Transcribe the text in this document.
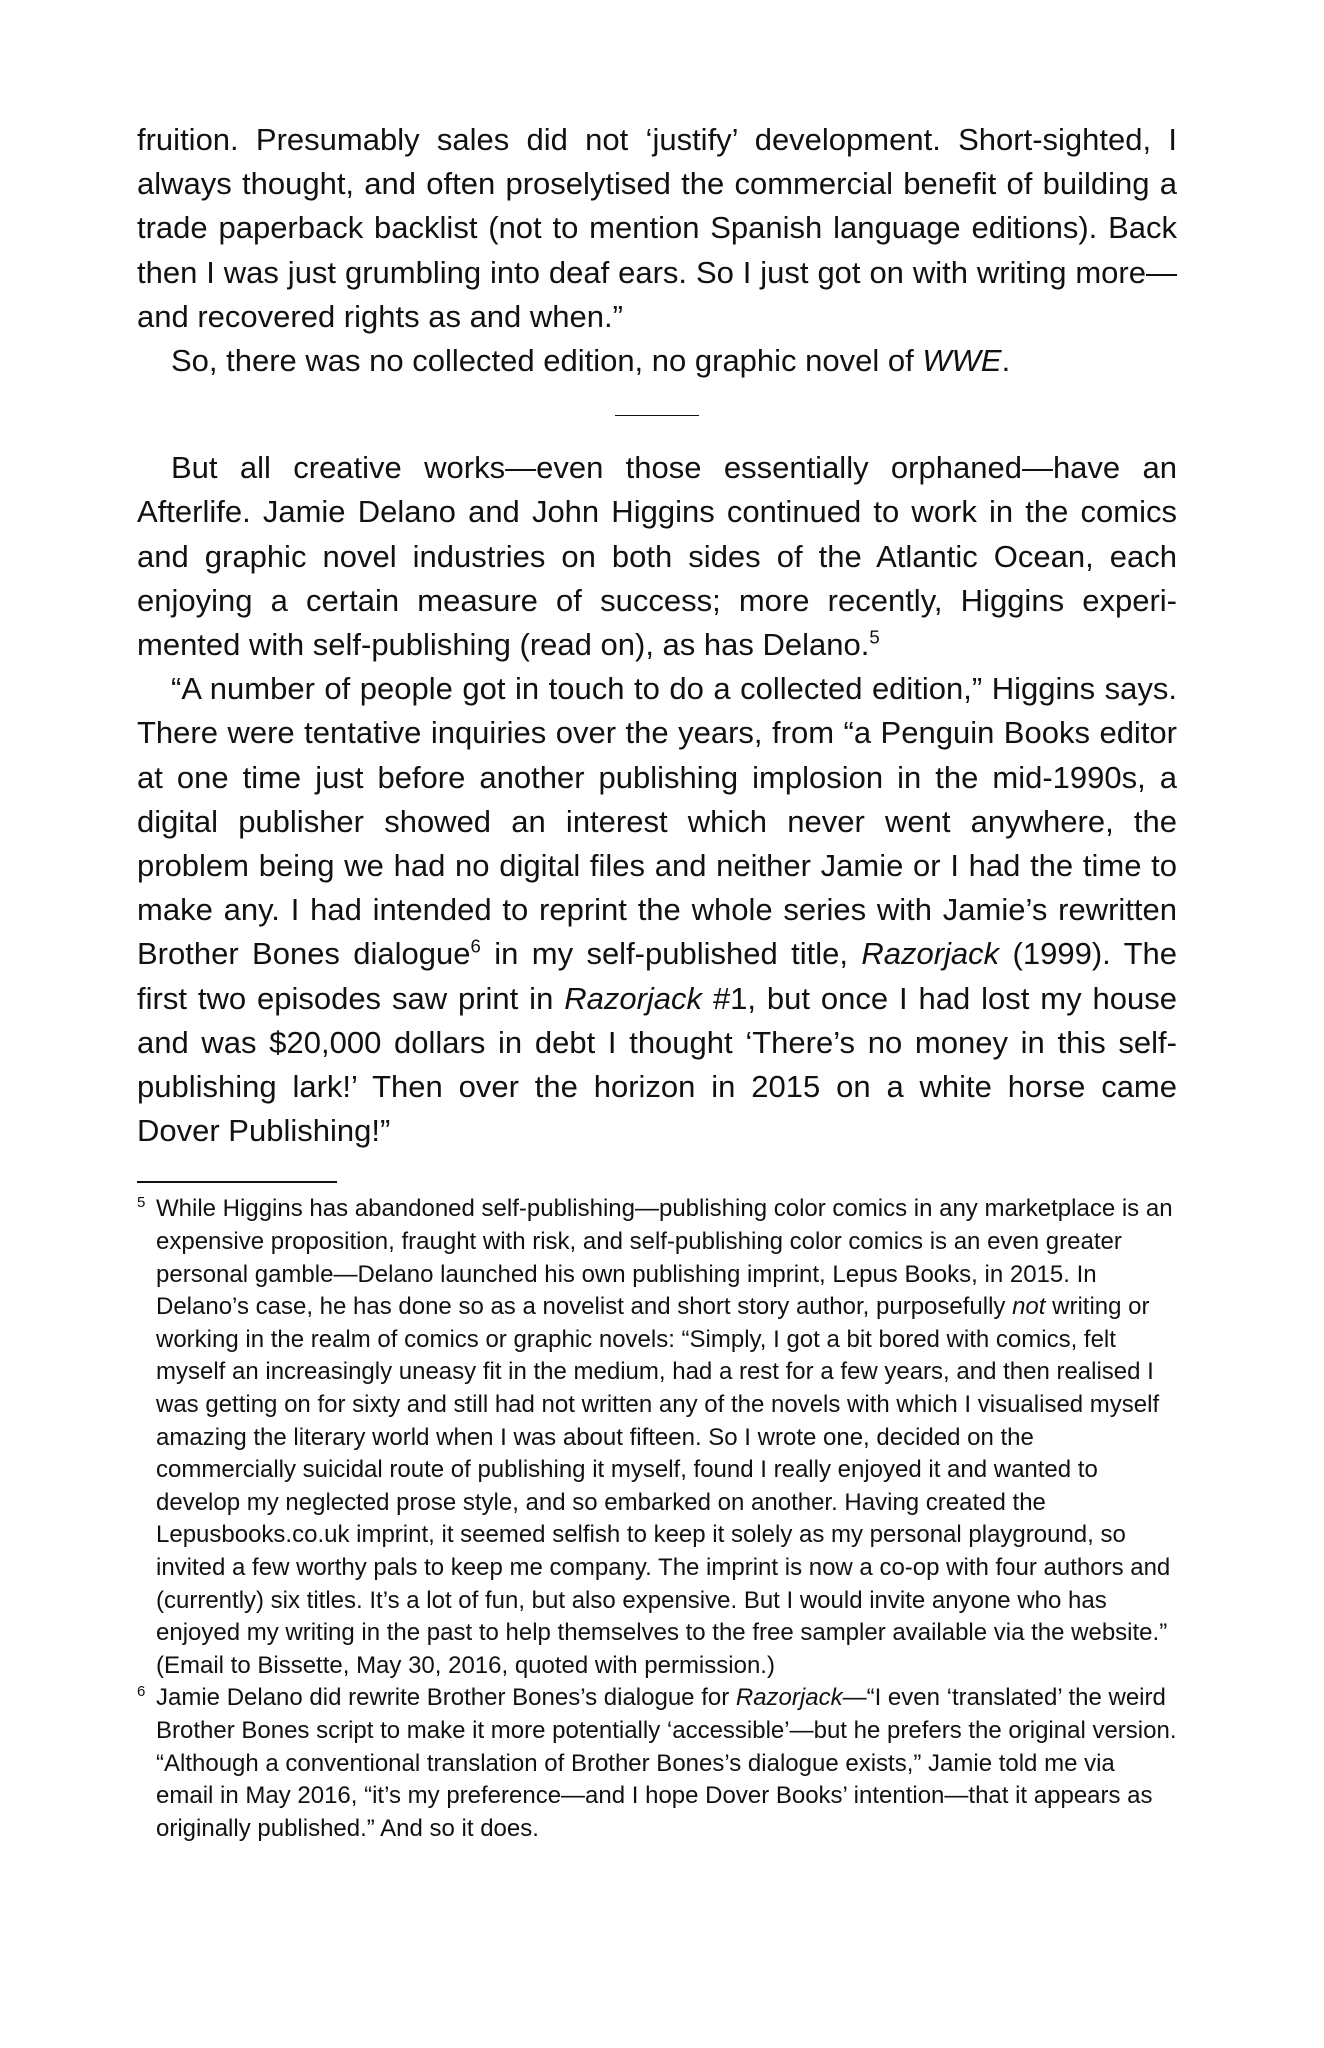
fruition. Presumably sales did not ‘justify’ development. Short-sighted, I always thought, and often proselytised the commercial benefit of building a trade paperback backlist (not to mention Spanish language editions). Back then I was just grumbling into deaf ears. So I just got on with writing more—and recovered rights as and when.”

So, there was no collected edition, no graphic novel of WWE.

But all creative works—even those essentially orphaned—have an Afterlife. Jamie Delano and John Higgins continued to work in the comics and graphic novel industries on both sides of the Atlantic Ocean, each enjoying a certain measure of success; more recently, Higgins experimented with self-publishing (read on), as has Delano.$^5$

“A number of people got in touch to do a collected edition,” Higgins says. There were tentative inquiries over the years, from “a Penguin Books editor at one time just before another publishing implosion in the mid-1990s, a digital publisher showed an interest which never went anywhere, the problem being we had no digital files and neither Jamie or I had the time to make any. I had intended to reprint the whole series with Jamie’s rewritten Brother Bones dialogue$^6$ in my self-published title, Razorjack (1999). The first two episodes saw print in Razorjack #1, but once I had lost my house and was $20,000 dollars in debt I thought ‘There’s no money in this self-publishing lark!’ Then over the horizon in 2015 on a white horse came Dover Publishing!”

5 While Higgins has abandoned self-publishing—publishing color comics in any marketplace is an expensive proposition, fraught with risk, and self-publishing color comics is an even greater personal gamble—Delano launched his own publishing imprint, Lepus Books, in 2015. In Delano’s case, he has done so as a novelist and short story author, purposefully not writing or working in the realm of comics or graphic novels: “Simply, I got a bit bored with comics, felt myself an increasingly uneasy fit in the medium, had a rest for a few years, and then realised I was getting on for sixty and still had not written any of the novels with which I visualised myself amazing the literary world when I was about fifteen. So I wrote one, decided on the commercially suicidal route of publishing it myself, found I really enjoyed it and wanted to develop my neglected prose style, and so embarked on another. Having created the Lepusbooks.co.uk imprint, it seemed selfish to keep it solely as my personal playground, so invited a few worthy pals to keep me company. The imprint is now a co-op with four authors and (currently) six titles. It’s a lot of fun, but also expensive. But I would invite anyone who has enjoyed my writing in the past to help themselves to the free sampler available via the website.” (Email to Bissette, May 30, 2016, quoted with permission.)

6 Jamie Delano did rewrite Brother Bones’s dialogue for Razorjack—“I even ‘translated’ the weird Brother Bones script to make it more potentially ‘accessible’—but he prefers the original version. “Although a conventional translation of Brother Bones’s dialogue exists,” Jamie told me via email in May 2016, “it’s my preference—and I hope Dover Books’ intention—that it appears as originally published.” And so it does.
